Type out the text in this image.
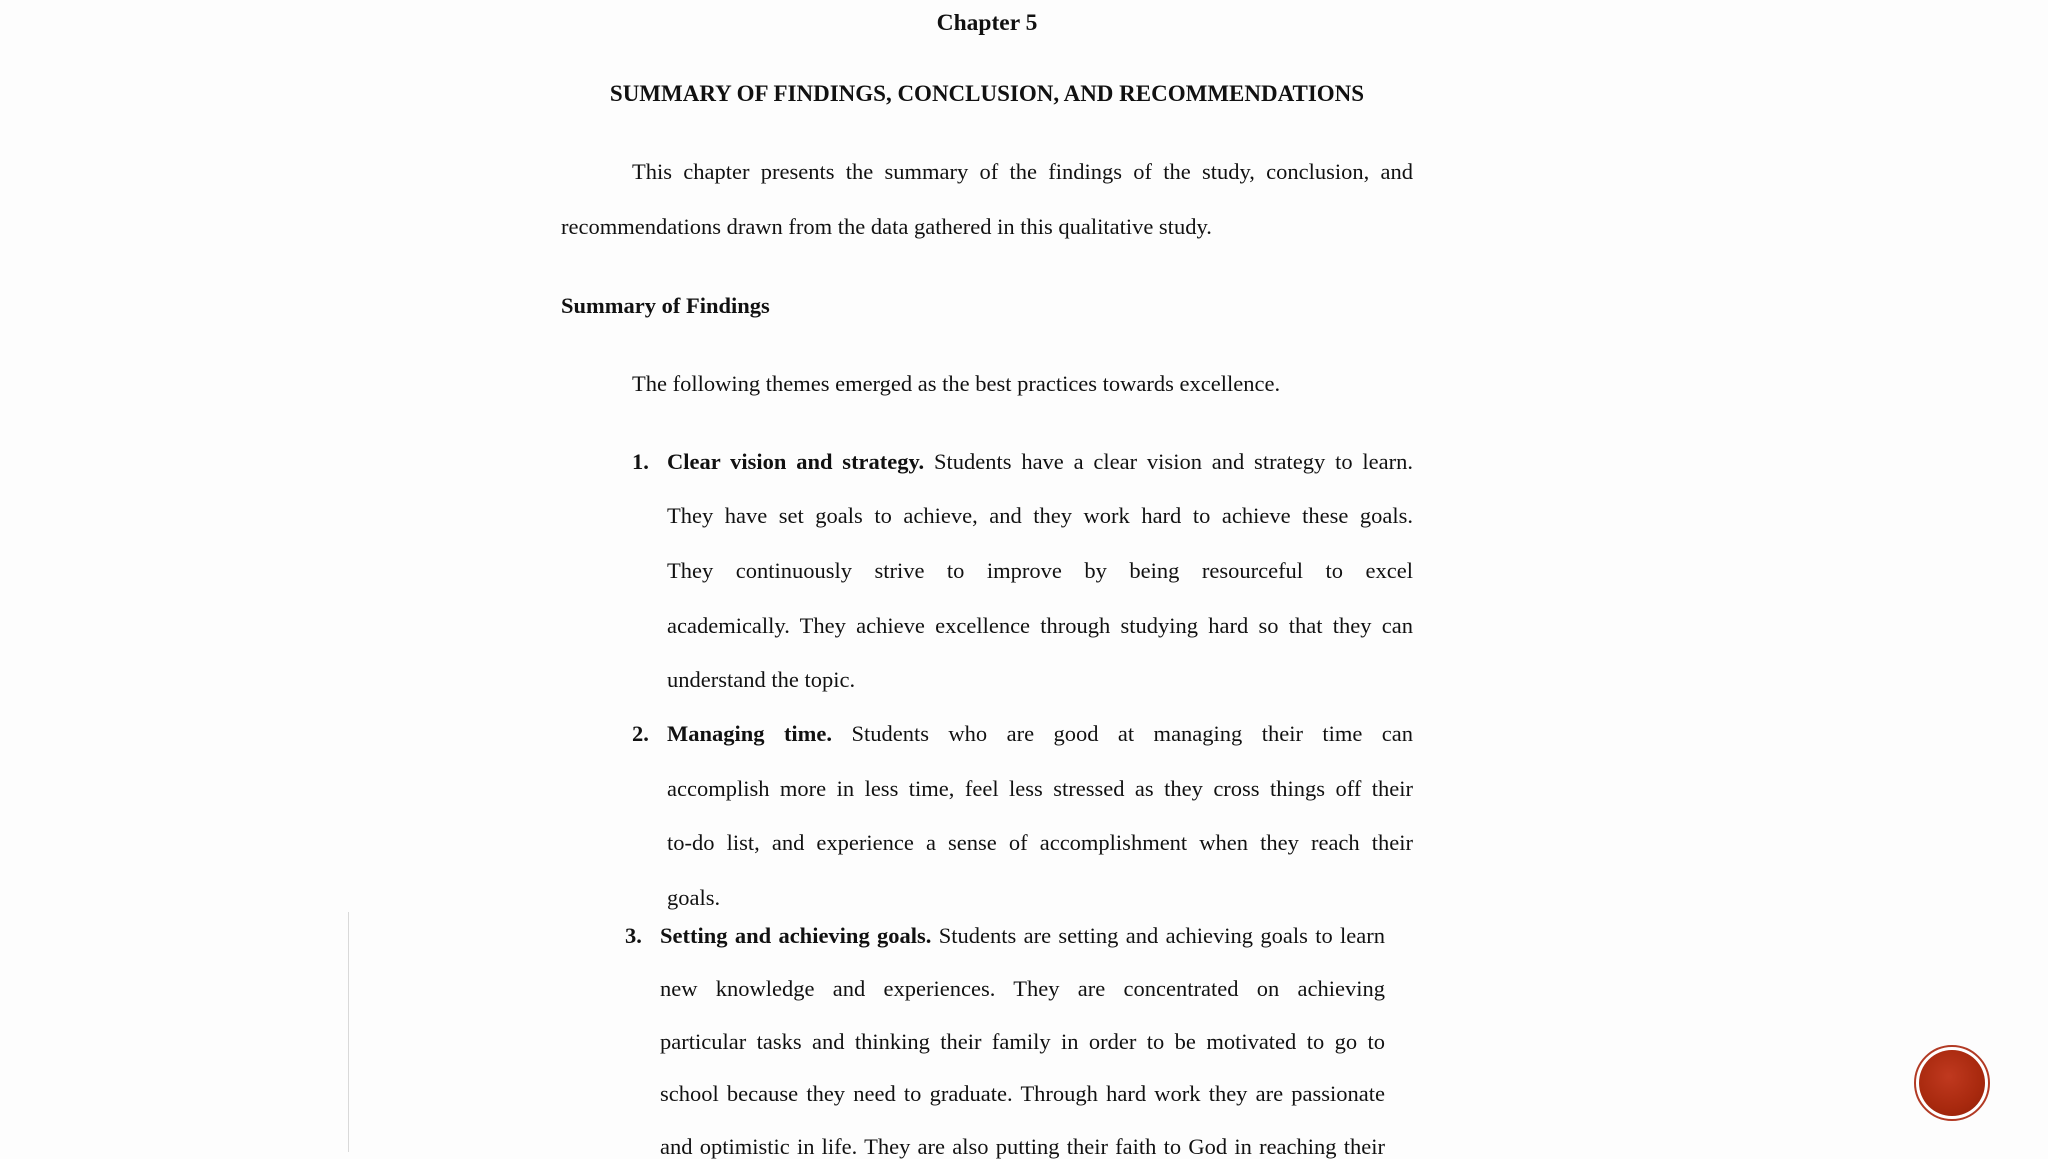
Chapter 5
SUMMARY OF FINDINGS, CONCLUSION, AND RECOMMENDATIONS
This chapter presents the summary of the findings of the study, conclusion, and
recommendations drawn from the data gathered in this qualitative study.
Summary of Findings
The following themes emerged as the best practices towards excellence.
1. Clear vision and strategy. Students have a clear vision and strategy to learn.
They have set goals to achieve, and they work hard to achieve these goals.
They continuously strive to improve by being resourceful to excel
academically. They achieve excellence through studying hard so that they can
understand the topic.
2. Managing time. Students who are good at managing their time can
accomplish more in less time, feel less stressed as they cross things off their
to-do list, and experience a sense of accomplishment when they reach their
goals.
3. Setting and achieving goals. Students are setting and achieving goals to learn
new knowledge and experiences. They are concentrated on achieving
particular tasks and thinking their family in order to be motivated to go to
school because they need to graduate. Through hard work they are passionate
and optimistic in life. They are also putting their faith to God in reaching their
